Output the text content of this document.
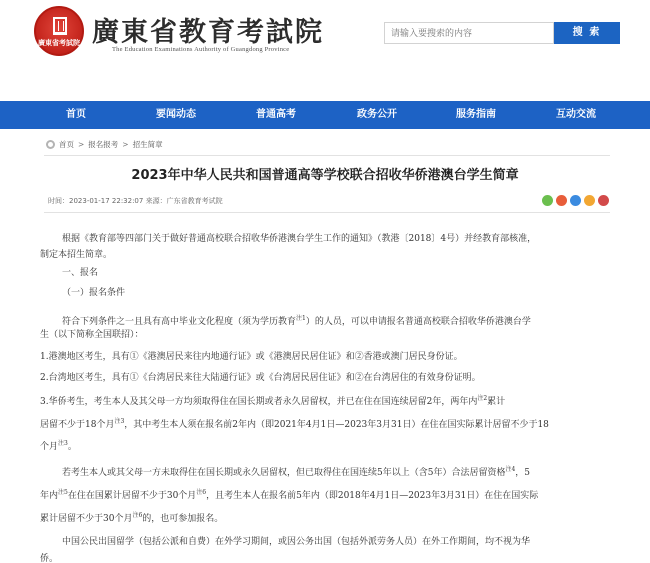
廣東省考試院 廣東省教育考試院
The Education Examinations Authority of Guangdong Province
请输入要搜索的内容
搜 索
首页	要闻动态	普通高考	政务公开	服务指南	互动交流
首页 > 报名报考 > 招生简章
2023年中华人民共和国普通高等学校联合招收华侨港澳台学生简章
时间：2023-01-17 22:32:07 来源：广东省教育考试院

根据《教育部等四部门关于做好普通高校联合招收华侨港澳台学生工作的通知》（教港〔2018〕4号）并经教育部核准，

制定本招生简章。

一、报名

（一）报名条件

符合下列条件之一且具有高中毕业文化程度（须为学历教育$^{注1}$）的人员，可以申请报名普通高校联合招收华侨港澳台学

生（以下简称全国联招）：

1.港澳地区考生，具有①《港澳居民来往内地通行证》或《港澳居民居住证》和②香港或澳门居民身份证。

2.台湾地区考生，具有①《台湾居民来往大陆通行证》或《台湾居民居住证》和②在台湾居住的有效身份证明。

3.华侨考生，考生本人及其父母一方均须取得住在国长期或者永久居留权，并已在住在国连续居留2年，两年内$^{注2}$累计

居留不少于18个月$^{注3}$，其中考生本人须在报名前2年内（即2021年4月1日—2023年3月31日）在住在国实际累计居留不少于18

个月$^{注3}$。

若考生本人或其父母一方未取得住在国长期或永久居留权，但已取得住在国连续5年以上（含5年）合法居留资格$^{注4}$，5

年内$^{注5}$在住在国累计居留不少于30个月$^{注6}$，且考生本人在报名前5年内（即2018年4月1日—2023年3月31日）在住在国实际

累计居留不少于30个月$^{注6}$的，也可参加报名。

中国公民出国留学（包括公派和自费）在外学习期间，或因公务出国（包括外派劳务人员）在外工作期间，均不视为华

侨。
